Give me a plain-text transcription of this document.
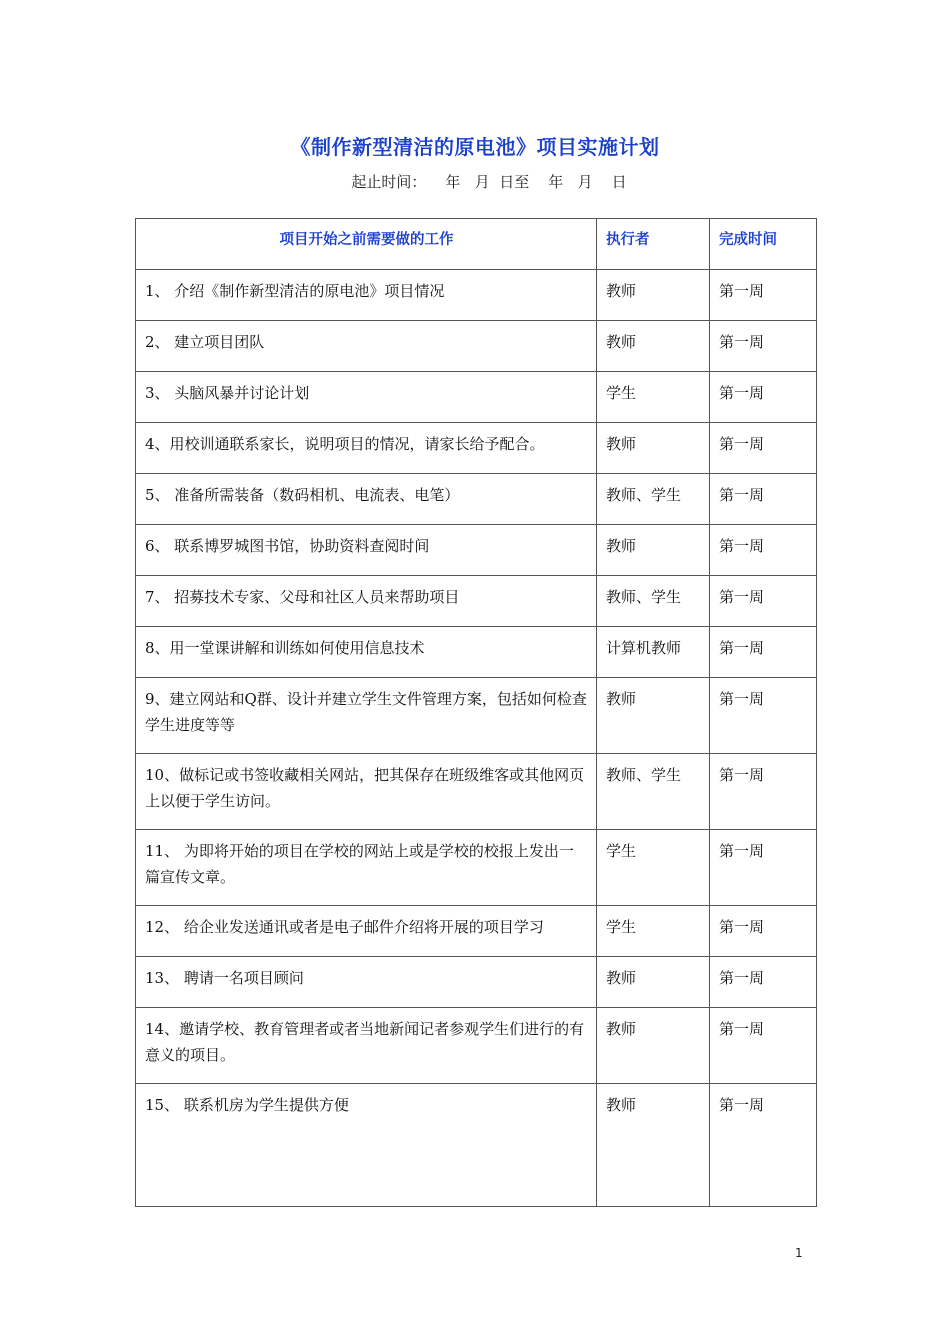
《制作新型清洁的原电池》项目实施计划
起止时间：    年   月  日至    年   月    日
项目开始之前需要做的工作	执行者	完成时间
1、 介绍《制作新型清洁的原电池》项目情况	教师	第一周
2、 建立项目团队	教师	第一周
3、 头脑风暴并讨论计划	学生	第一周
4、用校训通联系家长，说明项目的情况，请家长给予配合。	教师	第一周
5、 准备所需装备（数码相机、电流表、电笔）	教师、学生	第一周
6、 联系博罗城图书馆，协助资料查阅时间	教师	第一周
7、 招募技术专家、父母和社区人员来帮助项目	教师、学生	第一周
8、用一堂课讲解和训练如何使用信息技术	计算机教师	第一周
9、建立网站和Q群、设计并建立学生文件管理方案，包括如何检查学生进度等等	教师	第一周
10、做标记或书签收藏相关网站，把其保存在班级维客或其他网页上以便于学生访问。	教师、学生	第一周
11、 为即将开始的项目在学校的网站上或是学校的校报上发出一篇宣传文章。	学生	第一周
12、 给企业发送通讯或者是电子邮件介绍将开展的项目学习	学生	第一周
13、 聘请一名项目顾问	教师	第一周
14、邀请学校、教育管理者或者当地新闻记者参观学生们进行的有意义的项目。	教师	第一周
15、 联系机房为学生提供方便	教师	第一周
1
